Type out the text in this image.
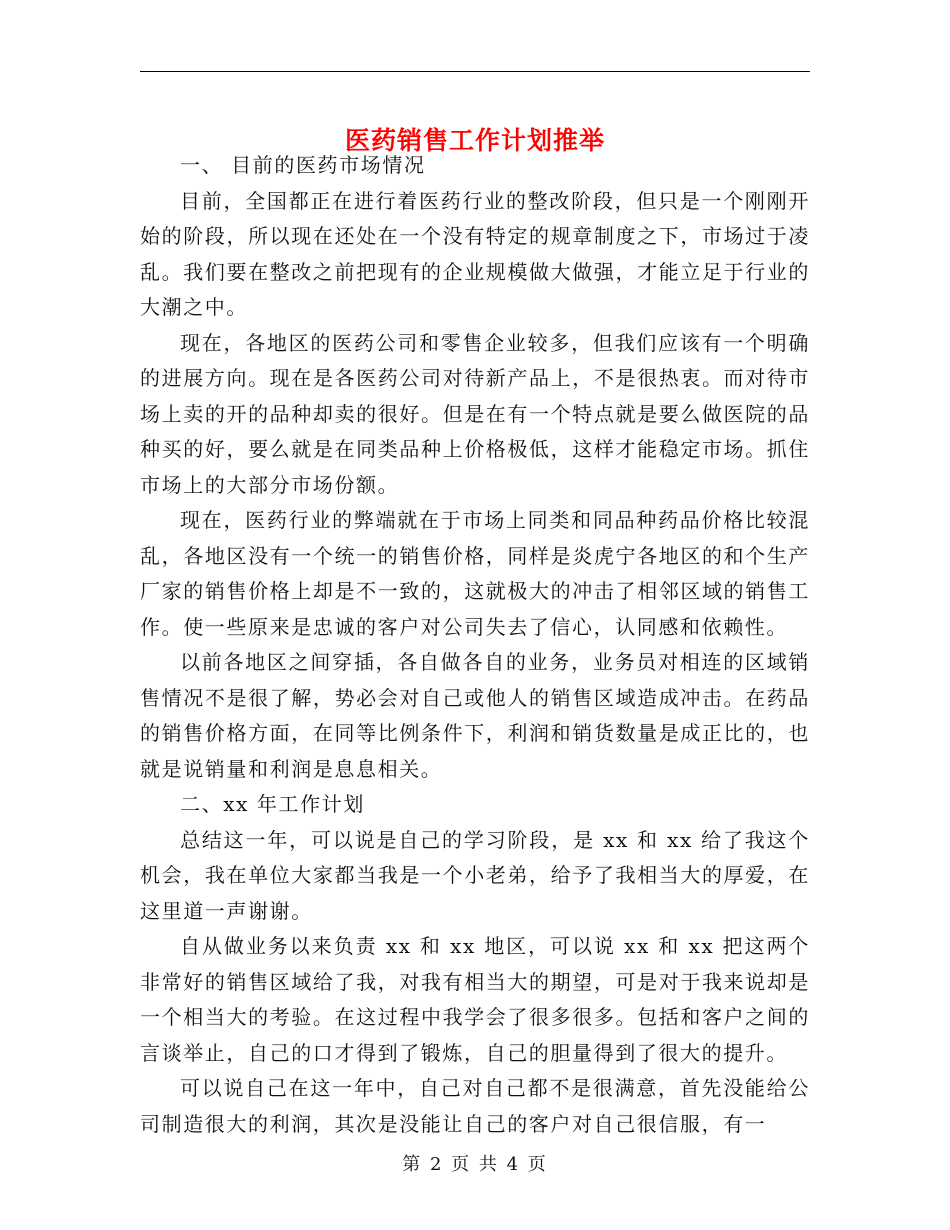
医药销售工作计划推举

一、 目前的医药市场情况

目前，全国都正在进行着医药行业的整改阶段，但只是一个刚刚开始的阶段，所以现在还处在一个没有特定的规章制度之下，市场过于凌乱。我们要在整改之前把现有的企业规模做大做强，才能立足于行业的大潮之中。

现在，各地区的医药公司和零售企业较多，但我们应该有一个明确的进展方向。现在是各医药公司对待新产品上，不是很热衷。而对待市场上卖的开的品种却卖的很好。但是在有一个特点就是要么做医院的品种买的好，要么就是在同类品种上价格极低，这样才能稳定市场。抓住市场上的大部分市场份额。

现在，医药行业的弊端就在于市场上同类和同品种药品价格比较混乱，各地区没有一个统一的销售价格，同样是炎虎宁各地区的和个生产厂家的销售价格上却是不一致的，这就极大的冲击了相邻区域的销售工作。使一些原来是忠诚的客户对公司失去了信心，认同感和依赖性。

以前各地区之间穿插，各自做各自的业务，业务员对相连的区域销售情况不是很了解，势必会对自己或他人的销售区域造成冲击。在药品的销售价格方面，在同等比例条件下，利润和销货数量是成正比的，也就是说销量和利润是息息相关。

二、xx 年工作计划

总结这一年，可以说是自己的学习阶段，是 xx 和 xx 给了我这个机会，我在单位大家都当我是一个小老弟，给予了我相当大的厚爱，在这里道一声谢谢。

自从做业务以来负责 xx 和 xx 地区，可以说 xx 和 xx 把这两个非常好的销售区域给了我，对我有相当大的期望，可是对于我来说却是一个相当大的考验。在这过程中我学会了很多很多。包括和客户之间的言谈举止，自己的口才得到了锻炼，自己的胆量得到了很大的提升。

可以说自己在这一年中，自己对自己都不是很满意，首先没能给公司制造很大的利润，其次是没能让自己的客户对自己很信服，有一

第 2 页 共 4 页
